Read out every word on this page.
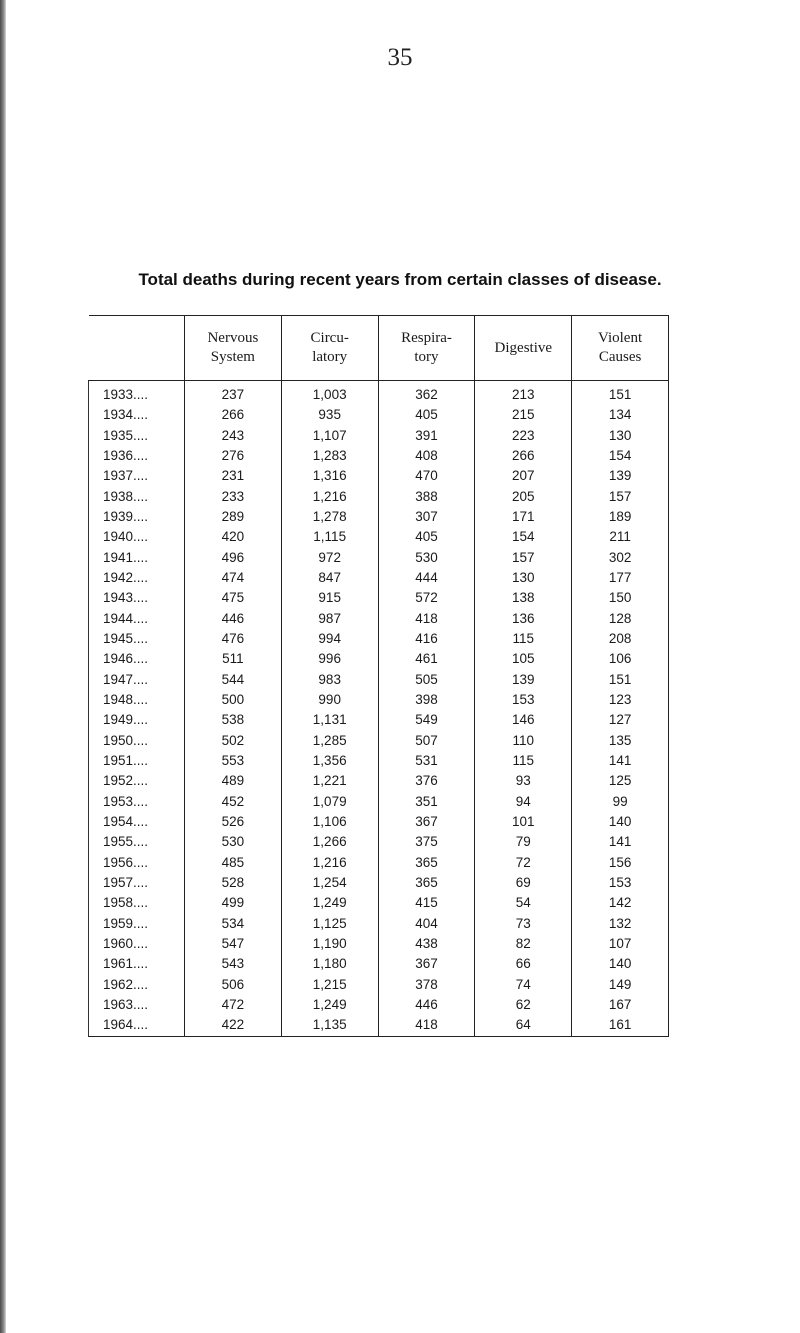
35
Total deaths during recent years from certain classes of disease.
	Nervous System	Circu- latory	Respira- tory	Digestive	Violent Causes
1933....	237	1,003	362	213	151
1934....	266	935	405	215	134
1935....	243	1,107	391	223	130
1936....	276	1,283	408	266	154
1937....	231	1,316	470	207	139
1938....	233	1,216	388	205	157
1939....	289	1,278	307	171	189
1940....	420	1,115	405	154	211
1941....	496	972	530	157	302
1942....	474	847	444	130	177
1943....	475	915	572	138	150
1944....	446	987	418	136	128
1945....	476	994	416	115	208
1946....	511	996	461	105	106
1947....	544	983	505	139	151
1948....	500	990	398	153	123
1949....	538	1,131	549	146	127
1950....	502	1,285	507	110	135
1951....	553	1,356	531	115	141
1952....	489	1,221	376	93	125
1953....	452	1,079	351	94	99
1954....	526	1,106	367	101	140
1955....	530	1,266	375	79	141
1956....	485	1,216	365	72	156
1957....	528	1,254	365	69	153
1958....	499	1,249	415	54	142
1959....	534	1,125	404	73	132
1960....	547	1,190	438	82	107
1961....	543	1,180	367	66	140
1962....	506	1,215	378	74	149
1963....	472	1,249	446	62	167
1964....	422	1,135	418	64	161
